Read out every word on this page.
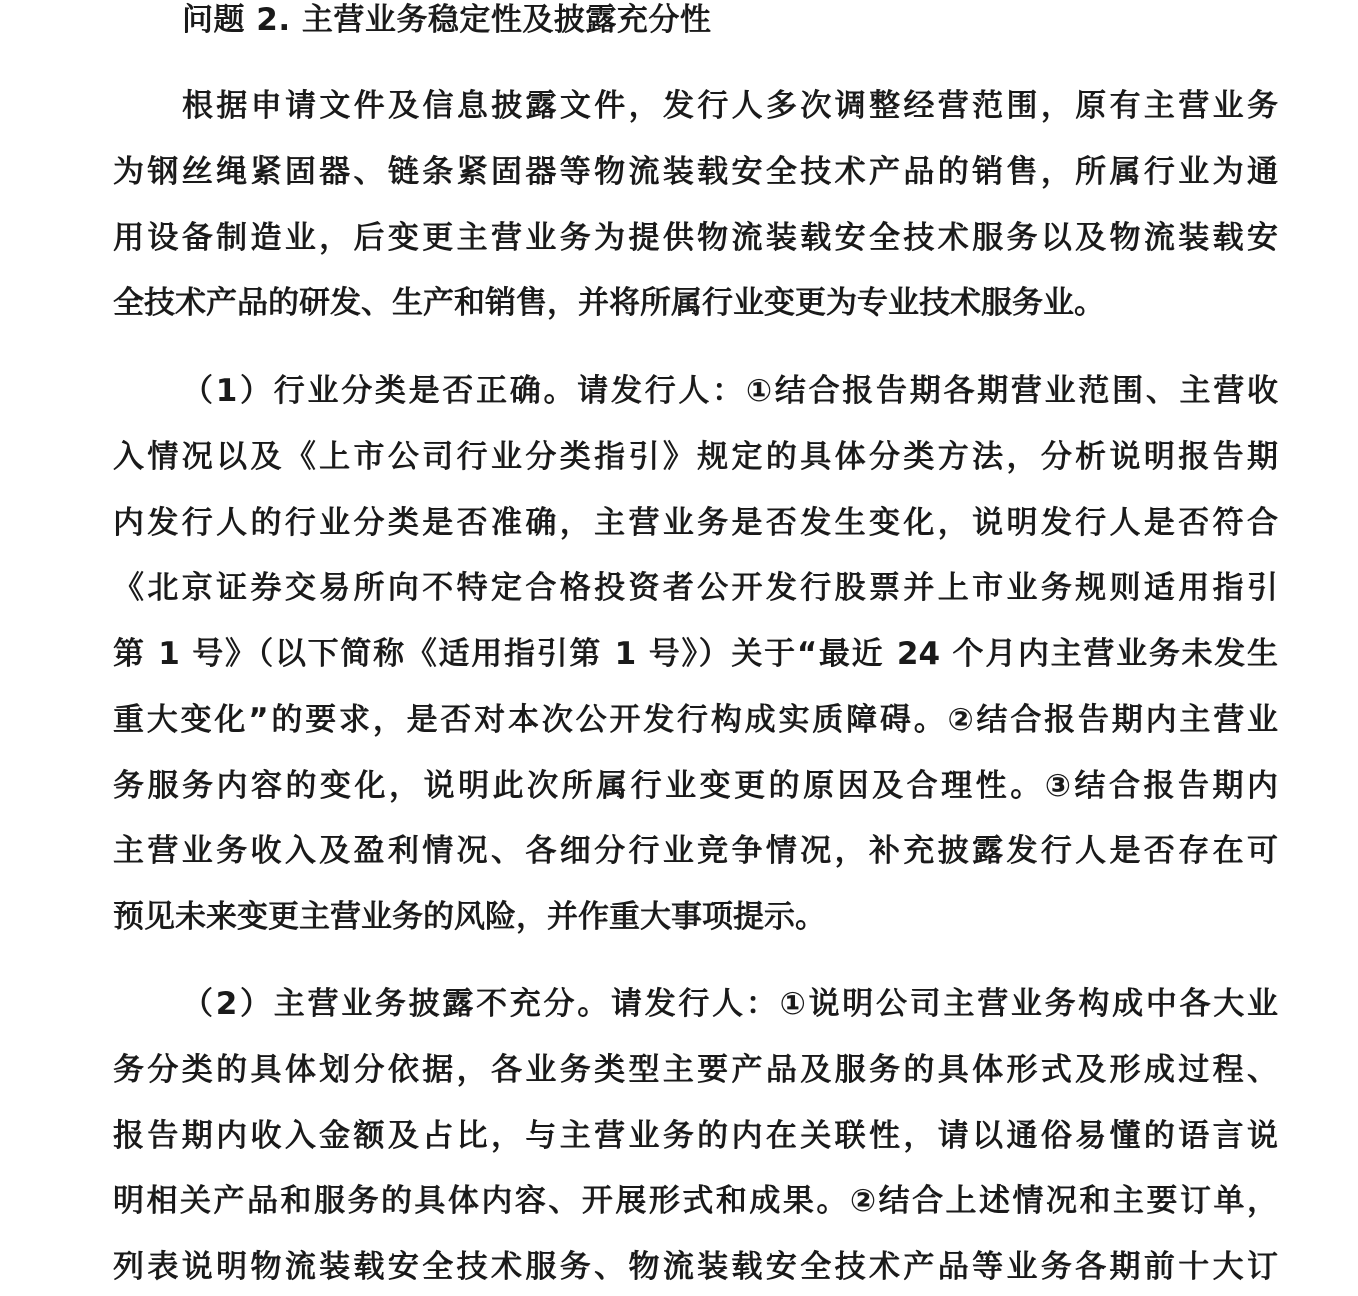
问题 2. 主营业务稳定性及披露充分性
根据申请文件及信息披露文件，发行人多次调整经营范围，原有主营业务
为钢丝绳紧固器、链条紧固器等物流装载安全技术产品的销售，所属行业为通
用设备制造业，后变更主营业务为提供物流装载安全技术服务以及物流装载安
全技术产品的研发、生产和销售，并将所属行业变更为专业技术服务业。
（1）行业分类是否正确。请发行人：①结合报告期各期营业范围、主营收
入情况以及《上市公司行业分类指引》规定的具体分类方法，分析说明报告期
内发行人的行业分类是否准确，主营业务是否发生变化，说明发行人是否符合
《北京证券交易所向不特定合格投资者公开发行股票并上市业务规则适用指引
第 1 号》（以下简称《适用指引第 1 号》）关于“最近 24 个月内主营业务未发生
重大变化”的要求，是否对本次公开发行构成实质障碍。②结合报告期内主营业
务服务内容的变化，说明此次所属行业变更的原因及合理性。③结合报告期内
主营业务收入及盈利情况、各细分行业竞争情况，补充披露发行人是否存在可
预见未来变更主营业务的风险，并作重大事项提示。
（2）主营业务披露不充分。请发行人：①说明公司主营业务构成中各大业
务分类的具体划分依据，各业务类型主要产品及服务的具体形式及形成过程、
报告期内收入金额及占比，与主营业务的内在关联性，请以通俗易懂的语言说
明相关产品和服务的具体内容、开展形式和成果。②结合上述情况和主要订单，
列表说明物流装载安全技术服务、物流装载安全技术产品等业务各期前十大订
